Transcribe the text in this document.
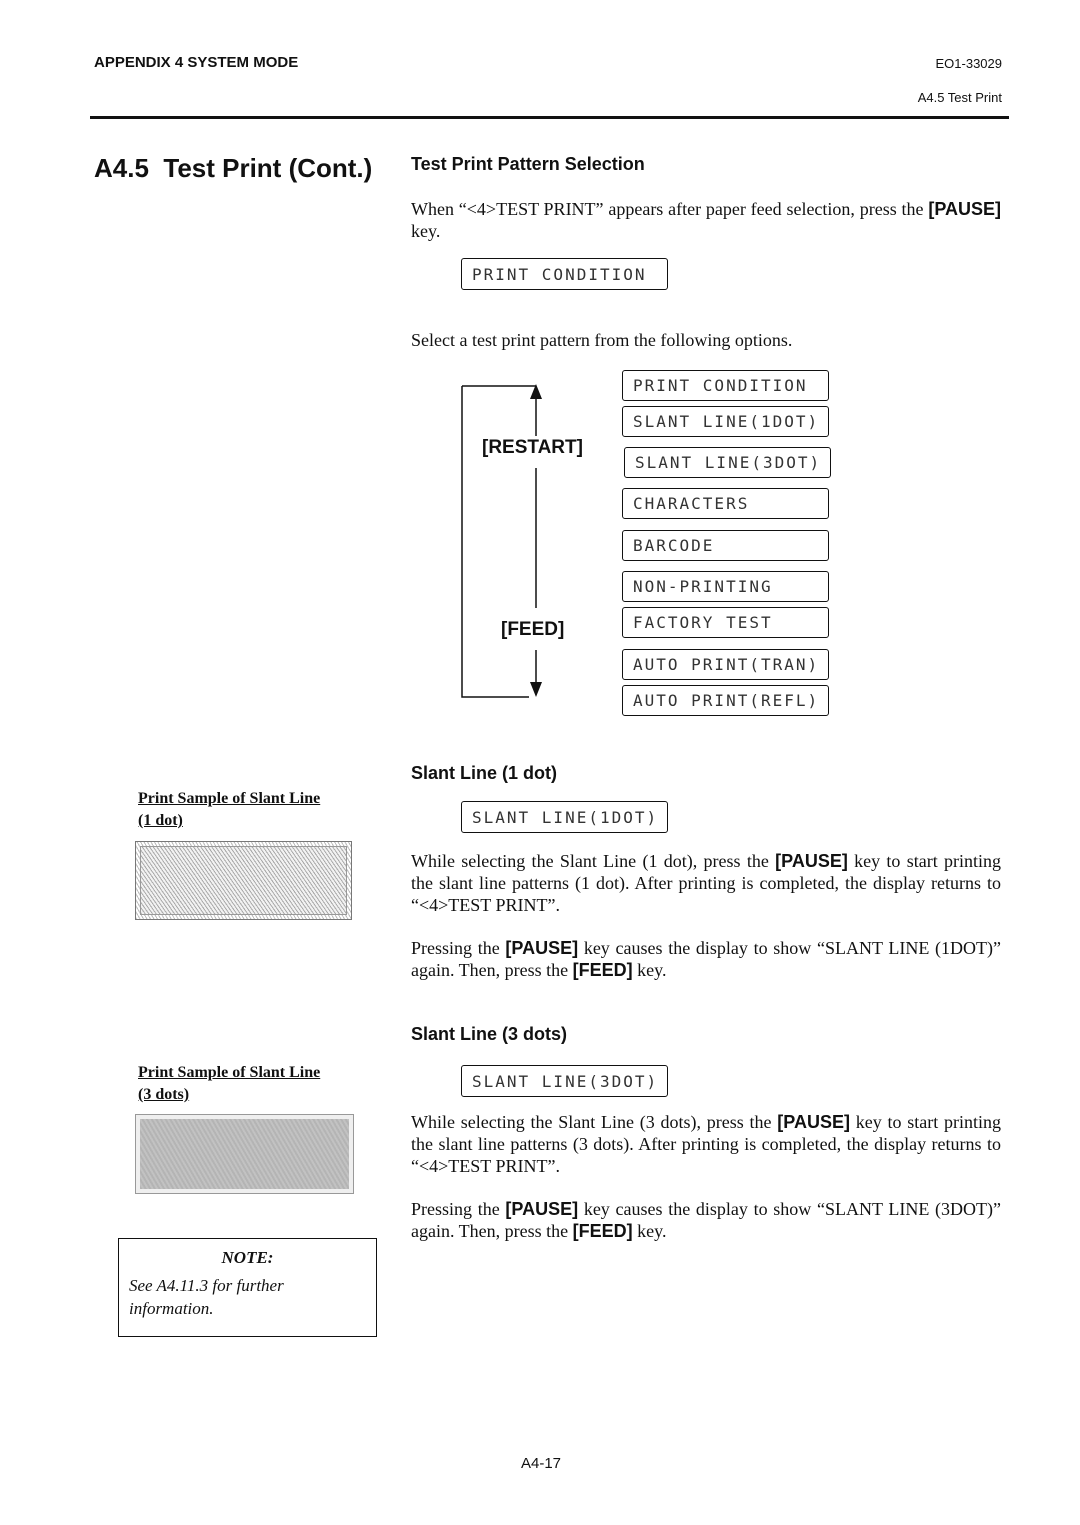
APPENDIX 4 SYSTEM MODE	EO1-33029
A4.5 Test Print
A4.5  Test Print (Cont.) Test Print Pattern Selection
When “<4>TEST PRINT” appears after paper feed selection, press the [PAUSE] key.
PRINT CONDITION
Select a test print pattern from the following options.
[RESTART]
[FEED]
PRINT CONDITION
SLANT LINE(1DOT)
SLANT LINE(3DOT)
CHARACTERS
BARCODE
NON-PRINTING
FACTORY TEST
AUTO PRINT(TRAN)
AUTO PRINT(REFL)
Slant Line (1 dot)
SLANT LINE(1DOT)
While selecting the Slant Line (1 dot), press the [PAUSE] key to start printing the slant line patterns (1 dot). After printing is completed, the display returns to “<4>TEST PRINT”.
Pressing the [PAUSE] key causes the display to show “SLANT LINE (1DOT)” again. Then, press the [FEED] key.
Print Sample of Slant Line
(1 dot)
Slant Line (3 dots)
SLANT LINE(3DOT)
While selecting the Slant Line (3 dots), press the [PAUSE] key to start printing the slant line patterns (3 dots). After printing is completed, the display returns to “<4>TEST PRINT”.
Pressing the [PAUSE] key causes the display to show “SLANT LINE (3DOT)” again. Then, press the [FEED] key.
Print Sample of Slant Line
(3 dots)
NOTE:
See A4.11.3 for further information.
A4-17
